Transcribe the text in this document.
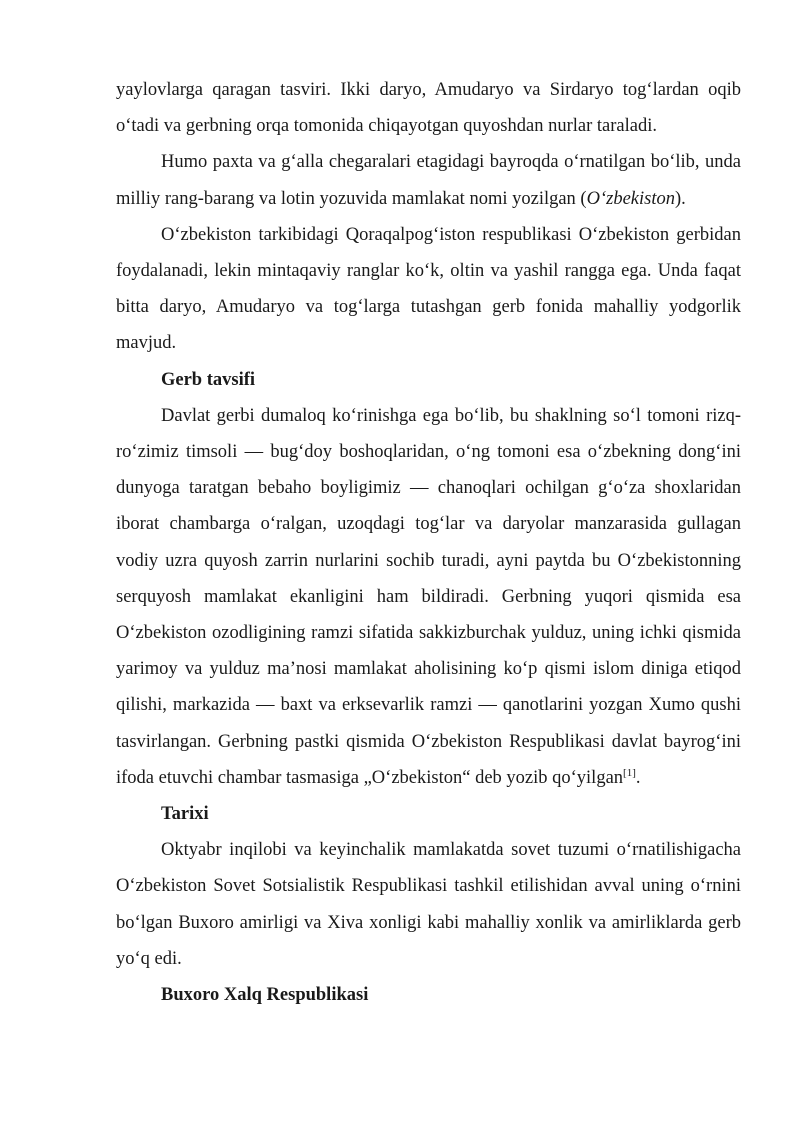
yaylovlarga qaragan tasviri. Ikki daryo, Amudaryo va Sirdaryo tog‘lardan oqib o‘tadi va gerbning orqa tomonida chiqayotgan quyoshdan nurlar taraladi.

Humo paxta va g‘alla chegaralari etagidagi bayroqda o‘rnatilgan bo‘lib, unda milliy rang-barang va lotin yozuvida mamlakat nomi yozilgan (O‘zbekiston).

O‘zbekiston tarkibidagi Qoraqalpog‘iston respublikasi O‘zbekiston gerbidan foydalanadi, lekin mintaqaviy ranglar ko‘k, oltin va yashil rangga ega. Unda faqat bitta daryo, Amudaryo va tog‘larga tutashgan gerb fonida mahalliy yodgorlik mavjud.

Gerb tavsifi

Davlat gerbi dumaloq ko‘rinishga ega bo‘lib, bu shaklning so‘l tomoni rizq-ro‘zimiz timsoli — bug‘doy boshoqlaridan, o‘ng tomoni esa o‘zbekning dong‘ini dunyoga taratgan bebaho boyligimiz — chanoqlari ochilgan g‘o‘za shoxlaridan iborat chambarga o‘ralgan, uzoqdagi tog‘lar va daryolar manzarasida gullagan vodiy uzra quyosh zarrin nurlarini sochib turadi, ayni paytda bu O‘zbekistonning serquyosh mamlakat ekanligini ham bildiradi. Gerbning yuqori qismida esa O‘zbekiston ozodligining ramzi sifatida sakkizburchak yulduz, uning ichki qismida yarimoy va yulduz ma’nosi mamlakat aholisining ko‘p qismi islom diniga etiqod qilishi, markazida — baxt va erksevarlik ramzi — qanotlarini yozgan Xumo qushi tasvirlangan. Gerbning pastki qismida O‘zbekiston Respublikasi davlat bayrog‘ini ifoda etuvchi chambar tasmasiga „O‘zbekiston“ deb yozib qo‘yilgan[1].

Tarixi

Oktyabr inqilobi va keyinchalik mamlakatda sovet tuzumi o‘rnatilishigacha O‘zbekiston Sovet Sotsialistik Respublikasi tashkil etilishidan avval uning o‘rnini bo‘lgan Buxoro amirligi va Xiva xonligi kabi mahalliy xonlik va amirliklarda gerb yo‘q edi.

Buxoro Xalq Respublikasi
